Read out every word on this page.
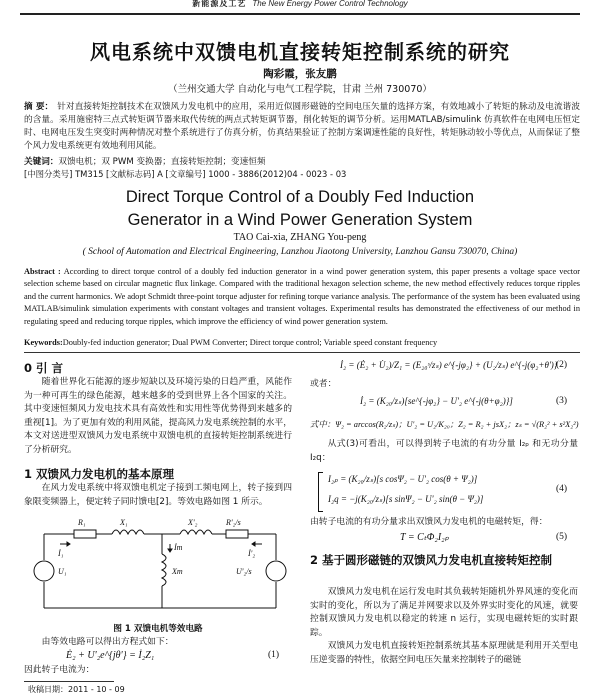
新能源及工艺 The New Energy Power Control Technology
风电系统中双馈电机直接转矩控制系统的研究
陶彩霞，张友鹏
（兰州交通大学 自动化与电气工程学院，甘肃 兰州 730070）
摘 要： 针对直接转矩控制技术在双馈风力发电机中的应用，采用近似圆形磁链的空间电压矢量的选择方案，有效地减小了转矩的脉动及电流谐波的含量。采用施密特三点式转矩调节器来取代传统的两点式转矩调节器，削化转矩的调节分析。运用MATLAB/simulink 仿真软件在电网电压恒定时、电网电压发生突变时两种情况对整个系统进行了仿真分析，仿真结果验证了控制方案调速性能的良好性，转矩脉动较小等优点，从而保证了整个风力发电系统更有效地利用风能。
关键词：双馈电机；双 PWM 变换器；直接转矩控制；变速恒频
[中图分类号] TM315 [文献标志码] A [文章编号] 1000 - 3886(2012)04 - 0023 - 03
Direct Torque Control of a Doubly Fed Induction
Generator in a Wind Power Generation System
TAO Cai-xia, ZHANG You-peng
( School of Automation and Electrical Engineering, Lanzhou Jiaotong University, Lanzhou Gansu 730070, China)
Abstract : According to direct torque control of a doubly fed induction generator in a wind power generation system, this paper presents a voltage space vector selection scheme based on circular magnetic flux linkage. Compared with the traditional hexagon selection scheme, the new method effectively reduces torque ripples and the current harmonics. We adopt Schmidt three-point torque adjuster for refining torque variance analysis. The performance of the system has been evaluated using MATLAB/simulink simulation experiments with constant voltages and transient voltages. Experimental results has demonstrated the effectiveness of our method in regulating speed and reducing torque ripples, which improve the efficiency of wind power generation system.
Keywords:Doubly-fed induction generator; Dual PWM Converter; Direct torque control; Variable speed constant frequency
0 引 言

随着世界化石能源的逐步短缺以及环境污染的日趋严重，风能作为一种可再生的绿色能源，越来越多的受到世界上各个国家的关注。其中变速恒频风力发电技术具有高效性和实用性等优势得到来越多的重视[1]。为了更加有效的利用风能，提高风力发电系统控制的水平，本文对送进型双馈风力发电系统中双馈电机的直接转矩控制系统进行了分析研究。

1 双馈风力发电机的基本原理

在风力发电系统中将双馈电机定子接到工频电网上，转子接到四象限变频器上，便定转子同时馈电[2]。等效电路如图 1 所示。

R₁	X₁	X'₂	R'₂/s
Xm
U₁	U'₂/s
İ₁	İ'₂
İm
图 1 双馈电机等效电路

由等效电路可以得出方程式如下：

Ė₂ + U'₂e^{jθ'} = İ₂Z₁	(1)
因此转子电流为：
收稿日期：2011 - 10 - 09
İ₂ = (Ė₂ + U̇₂)/Z₁ = (E₂₀ˢ/zₛ) e^{-jφ₂} + (U₂/zₛ) e^{-j(φ₂+θ')}
(2)
或者：
İ₂ = (K₂₀/zₛ)[se^{-jφ₂} − U'₂ e^{-j(θ+φ₂)}]	(3)
式中：Ψ₂ = arccos(R₂/zₛ)；U'₂ = U₂/K₂₀；Z₂ = R₂ + jsX₂；zₛ = √(R₂² + s²X₂²)

从式(3)可看出，可以得到转子电流的有功分量 I₂ₚ 和无功分量 I₂q：

I₂ₚ = (K₂₀/zₛ)[s cosΨ₂ − U'₂ cos(θ + Ψ₂)]
I₂q = −j(K₂₀/zₛ)[s sinΨ₂ − U'₂ sin(θ − Ψ₂)]
(4)

由转子电流的有功分量求出双馈风力发电机的电磁转矩，得：

T = CₜΦ₂I₂ₚ	(5)
2 基于圆形磁链的双馈风力发电机直接转矩控制

双馈风力发电机在运行发电时其负载转矩随机外界风速的变化而实时的变化，所以为了满足并网要求以及外界实时变化的风速，就要控制双馈风力发电机以稳定的转速 n 运行，实现电磁转矩的实时跟踪。

双馈风力发电机直接转矩控制系统其基本原理就是利用开关型电压逆变器的特性，依据空间电压矢量来控制转子的磁链
